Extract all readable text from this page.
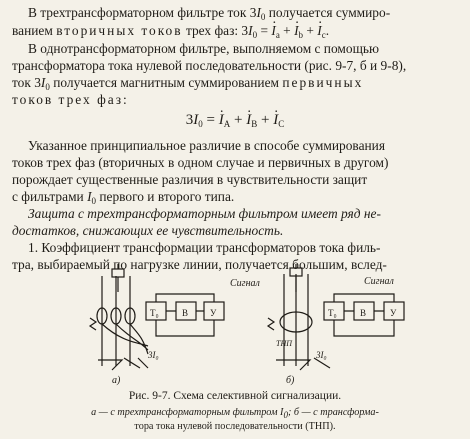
В трехтрансформаторном фильтре ток $3I_0$ получается суммиро-
ванием вторичных токов трех фаз: $3I_0 = I \cdot_a + I \cdot_b + I \cdot_c$.
В однотрансформаторном фильтре, выполняемом с помощью
трансформатора тока нулевой последовательности (рис. 9-7, б и 9-8),
ток $3I_0$ получается магнитным суммированием первичных
токов трех фаз:
$3I_0 = I \cdot_A + I \cdot_B + I \cdot_C$
Указанное принципиальное различие в способе суммирования
токов трех фаз (вторичных в одном случае и первичных в другом)
порождает существенные различия в чувствительности защит
с фильтрами $I_0$ первого и второго типа.
Защита с трехтрансформаторным фильтром имеет ряд не-
достатков, снижающих ее чувствительность.
1. Коэффициент трансформации трансформаторов тока филь-
тра, выбираемый по нагрузке линии, получается большим, вслед-
Сигнал
T₀	B У
3I₀
а)
Сигнал
T₀	B	У
ТНП
3I₀
б)
Рис. 9-7. Схема селективной сигнализации.
а — с трехтрансформаторным фильтром $I_0$; б — с трансформа-
тора тока нулевой последовательности (ТНП).
